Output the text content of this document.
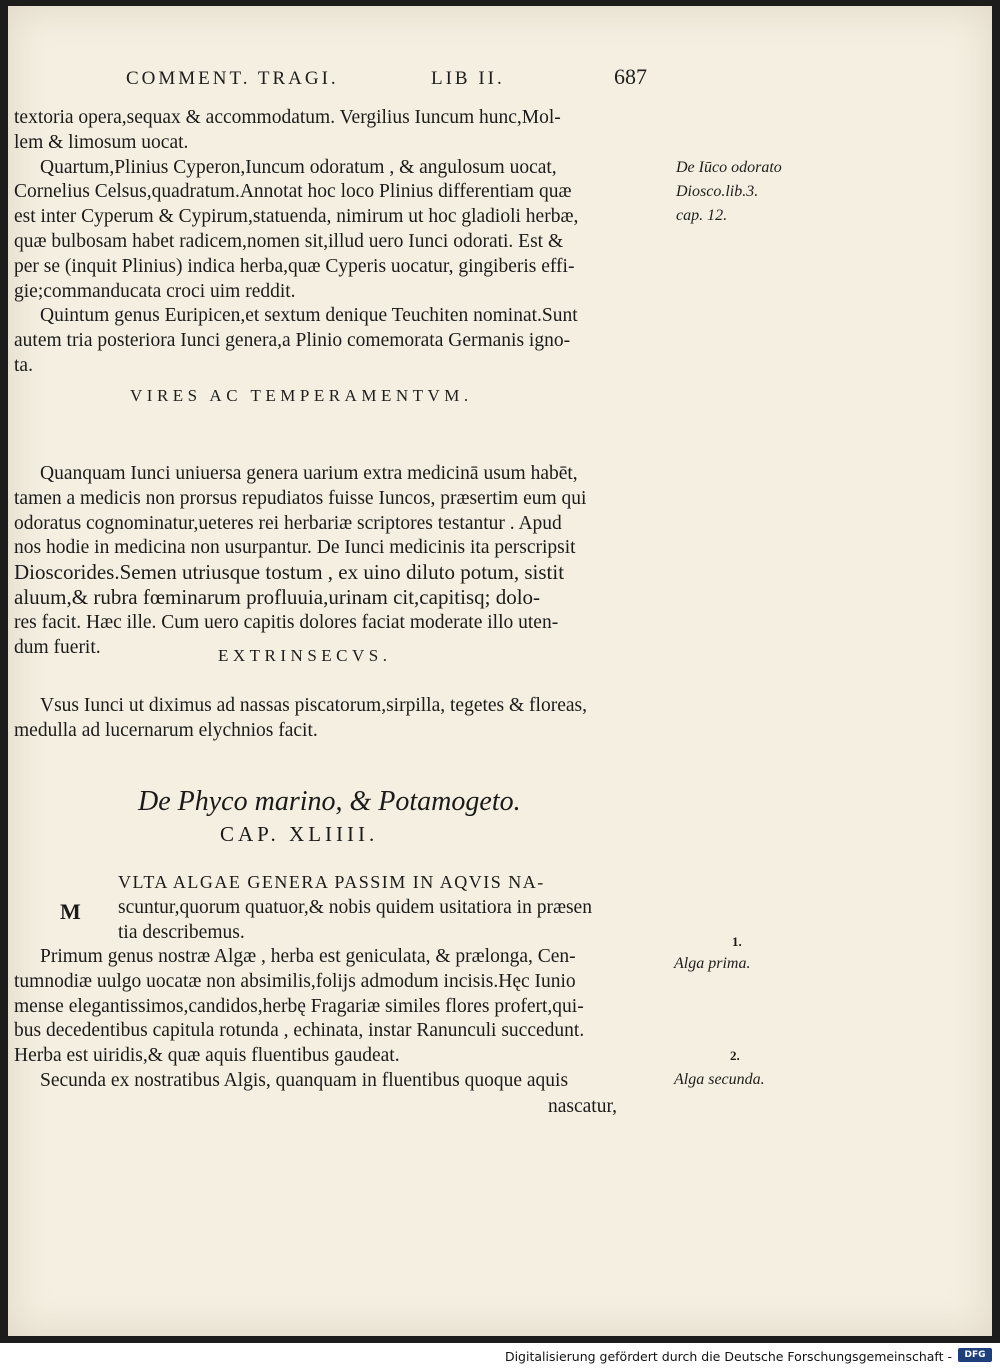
COMMENT. TRAGI.	LIB II.	687
textoria opera,sequax & accommodatum. Vergilius Iuncum hunc,Mol-
lem & limosum uocat.
Quartum,Plinius Cyperon,Iuncum odoratum , & angulosum uocat,
Cornelius Celsus,quadratum.Annotat hoc loco Plinius differentiam quæ
est inter Cyperum & Cypirum,statuenda, nimirum ut hoc gladioli herbæ,
quæ bulbosam habet radicem,nomen sit,illud uero Iunci odorati. Est &
per se (inquit Plinius) indica herba,quæ Cyperis uocatur, gingiberis effi-
gie;commanducata croci uim reddit.
Quintum genus Euripicen,et sextum denique Teuchiten nominat.Sunt
autem tria posteriora Iunci genera,a Plinio comemorata Germanis igno-
ta.
De Iūco odorato
Diosco.lib.3.
cap. 12.
VIRES AC TEMPERAMENTVM.
Quanquam Iunci uniuersa genera uarium extra medicinā usum habēt,
tamen a medicis non prorsus repudiatos fuisse Iuncos, præsertim eum qui
odoratus cognominatur,ueteres rei herbariæ scriptores testantur . Apud
nos hodie in medicina non usurpantur. De Iunci medicinis ita perscripsit
Dioscorides.Semen utriusque tostum , ex uino diluto potum, sistit
aluum,& rubra fœminarum profluuia,urinam cit,capitisq; dolo-
res facit. Hæc ille. Cum uero capitis dolores faciat moderate illo uten-
dum fuerit.	EXTRINSECVS.
Vsus Iunci ut diximus ad nassas piscatorum,sirpilla, tegetes & floreas,
medulla ad lucernarum elychnios facit.
De Phyco marino, & Potamogeto.
CAP. XLIIII.
M
VLTA ALGAE GENERA PASSIM IN AQVIS NA-
scuntur,quorum quatuor,& nobis quidem usitatiora in præsen
tia describemus.
Primum genus nostræ Algæ , herba est geniculata, & prælonga, Cen-
tumnodiæ uulgo uocatæ non absimilis,folijs admodum incisis.Hęc Iunio
mense elegantissimos,candidos,herbę Fragariæ similes flores profert,qui-
bus decedentibus capitula rotunda , echinata, instar Ranunculi succedunt.
Herba est uiridis,& quæ aquis fluentibus gaudeat.
Secunda ex nostratibus Algis, quanquam in fluentibus quoque aquis
nascatur,
1.
Alga prima.
2.
Alga secunda.
Digitalisierung gefördert durch die Deutsche Forschungsgemeinschaft -	DFG
